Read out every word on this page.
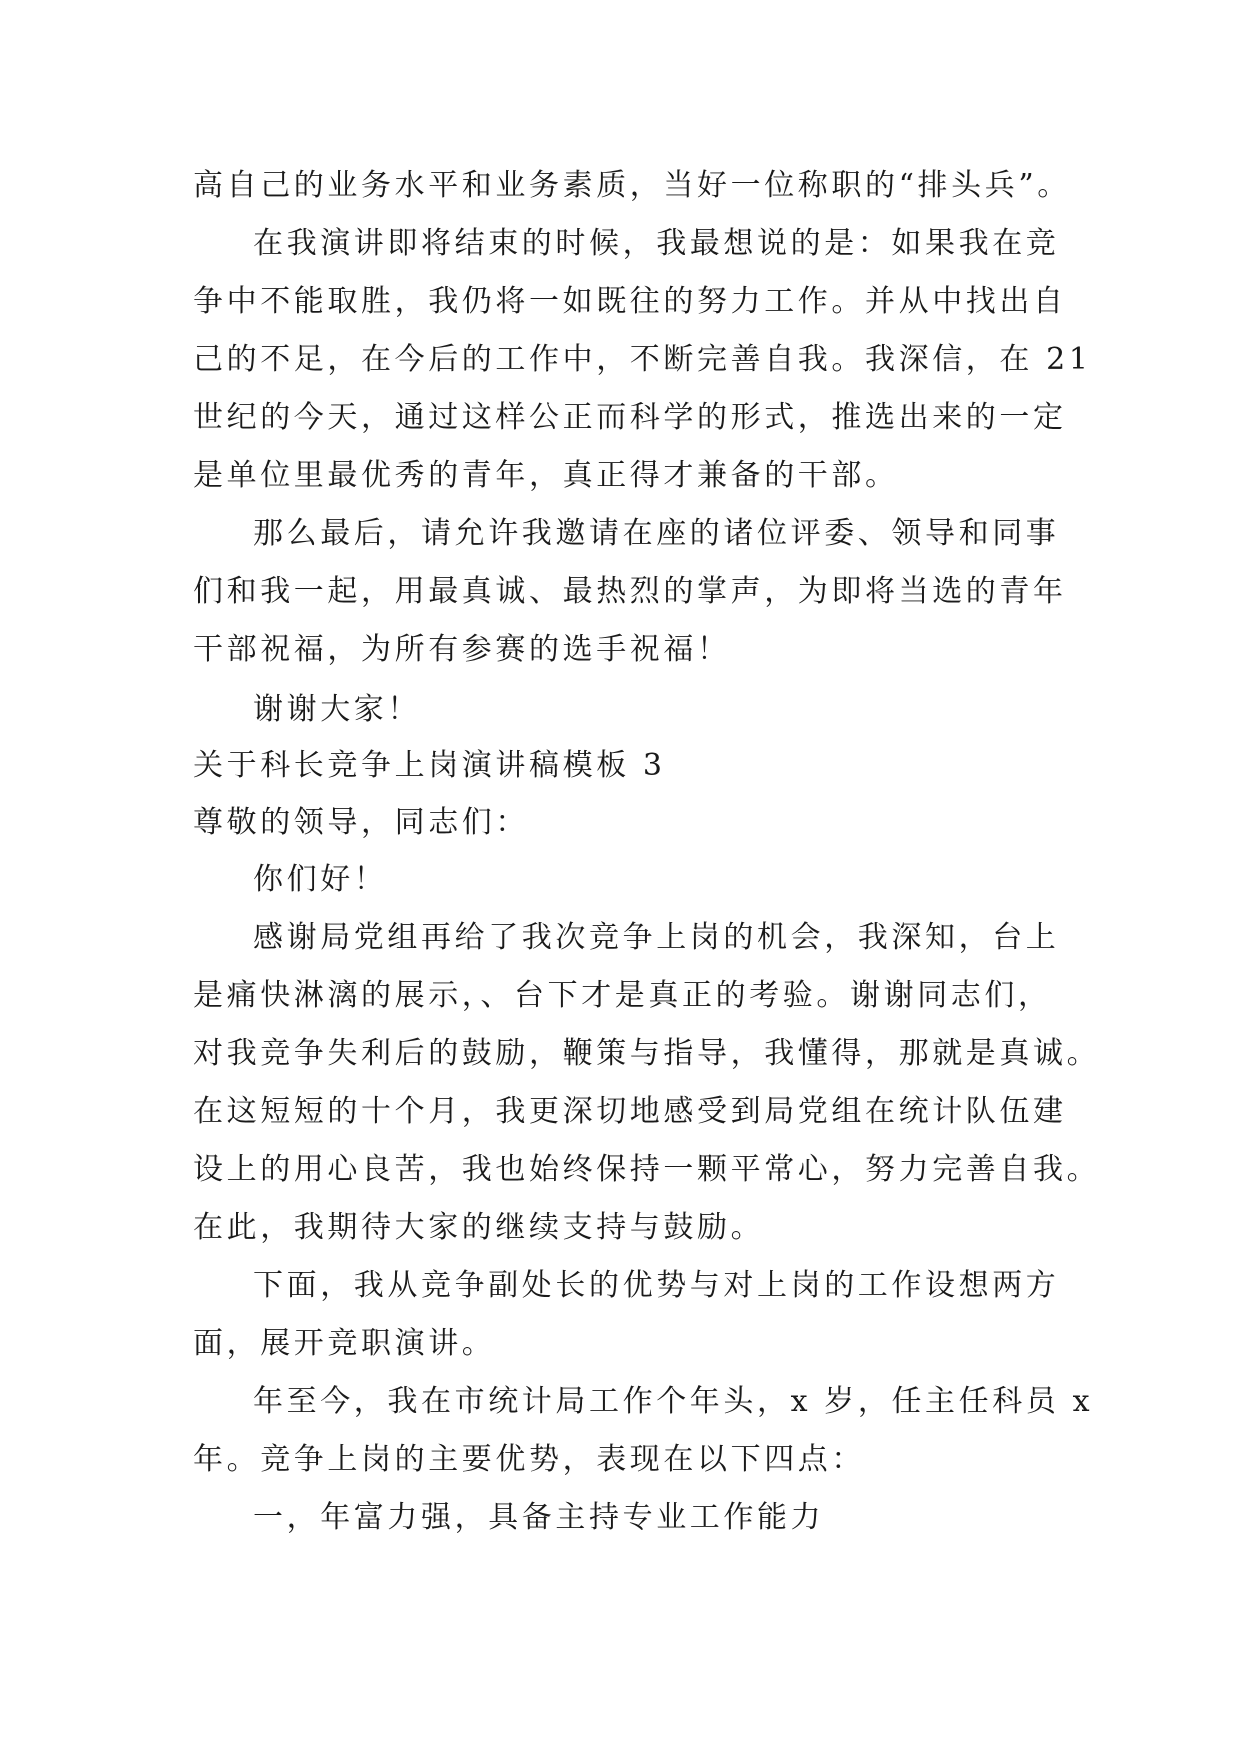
高自己的业务水平和业务素质，当好一位称职的“排头兵”。

在我演讲即将结束的时候，我最想说的是：如果我在竞

争中不能取胜，我仍将一如既往的努力工作。并从中找出自

己的不足，在今后的工作中，不断完善自我。我深信，在 21

世纪的今天，通过这样公正而科学的形式，推选出来的一定

是单位里最优秀的青年，真正得才兼备的干部。

那么最后，请允许我邀请在座的诸位评委、领导和同事

们和我一起，用最真诚、最热烈的掌声，为即将当选的青年

干部祝福，为所有参赛的选手祝福！

谢谢大家！

关于科长竞争上岗演讲稿模板 3

尊敬的领导，同志们：

你们好！

感谢局党组再给了我次竞争上岗的机会，我深知，台上

是痛快淋漓的展示，、台下才是真正的考验。谢谢同志们，

对我竞争失利后的鼓励，鞭策与指导，我懂得，那就是真诚。

在这短短的十个月，我更深切地感受到局党组在统计队伍建

设上的用心良苦，我也始终保持一颗平常心，努力完善自我。

在此，我期待大家的继续支持与鼓励。

下面，我从竞争副处长的优势与对上岗的工作设想两方

面，展开竞职演讲。

年至今，我在市统计局工作个年头，x 岁，任主任科员 x

年。竞争上岗的主要优势，表现在以下四点：

一，年富力强，具备主持专业工作能力
